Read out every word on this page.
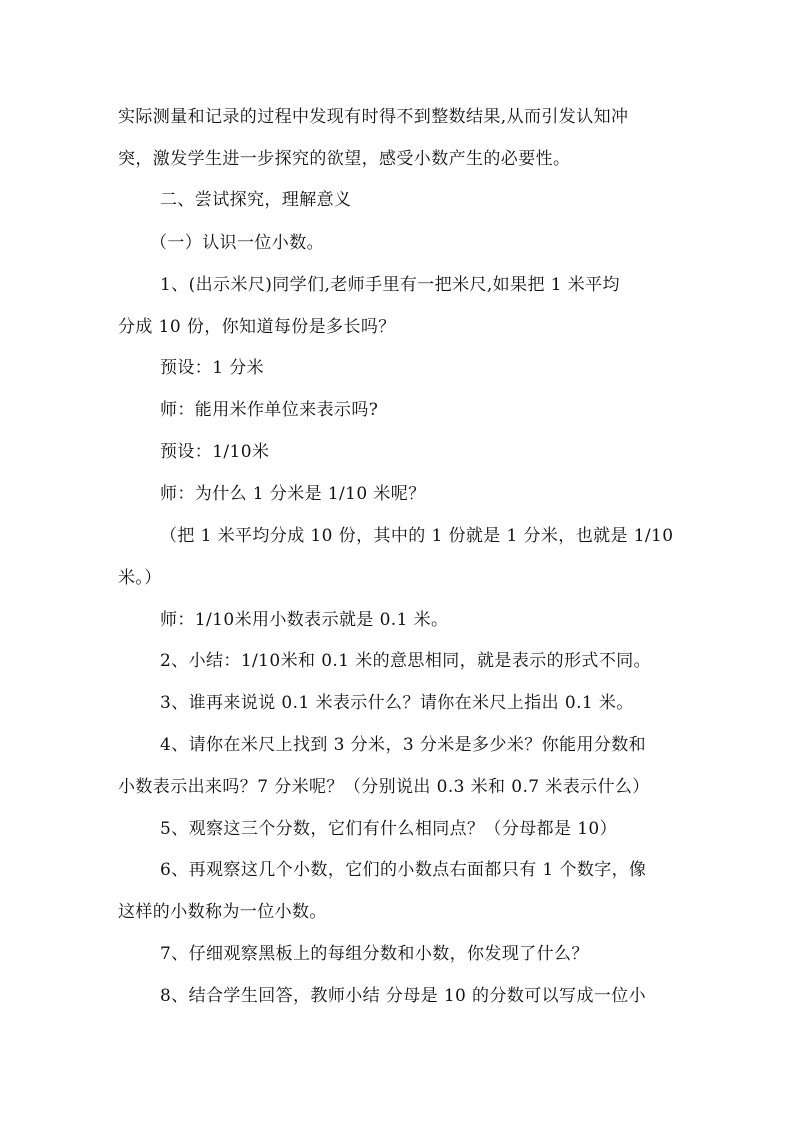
实际测量和记录的过程中发现有时得不到整数结果,从而引发认知冲
突，激发学生进一步探究的欲望，感受小数产生的必要性。
二、尝试探究，理解意义
（一）认识一位小数。
1、(出示米尺)同学们,老师手里有一把米尺,如果把 1 米平均
分成 10 份，你知道每份是多长吗？
预设：1 分米
师：能用米作单位来表示吗?
预设：1/10米
师：为什么 1 分米是 1/10 米呢？
（把 1 米平均分成 10 份，其中的 1 份就是 1 分米，也就是 1/10
米。）
师：1/10米用小数表示就是 0.1 米。
2、小结：1/10米和 0.1 米的意思相同，就是表示的形式不同。
3、谁再来说说 0.1 米表示什么？请你在米尺上指出 0.1 米。
4、请你在米尺上找到 3 分米，3 分米是多少米？你能用分数和
小数表示出来吗？7 分米呢？（分别说出 0.3 米和 0.7 米表示什么）
5、观察这三个分数，它们有什么相同点？（分母都是 10）
6、再观察这几个小数，它们的小数点右面都只有 1 个数字，像
这样的小数称为一位小数。
7、仔细观察黑板上的每组分数和小数，你发现了什么？
8、结合学生回答，教师小结 分母是 10 的分数可以写成一位小
